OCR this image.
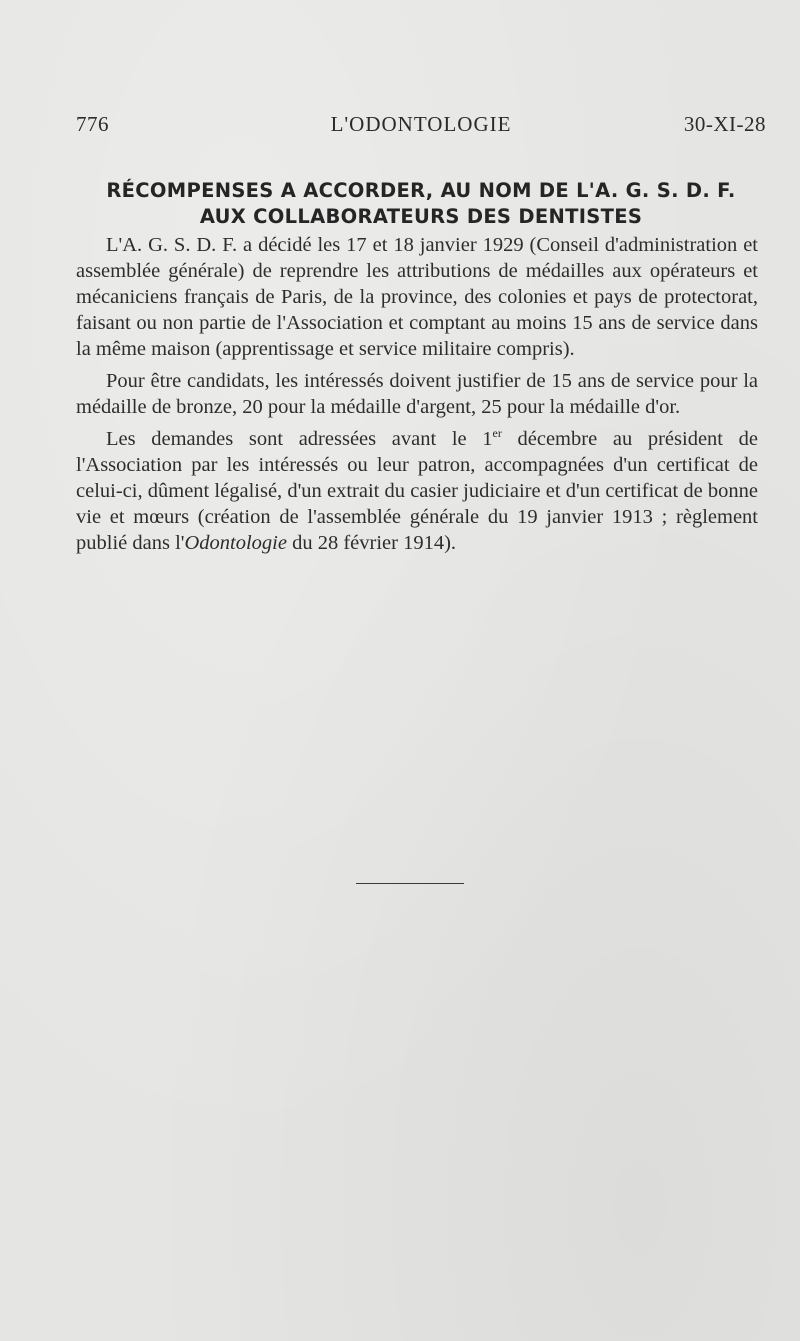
776	L'ODONTOLOGIE	30-XI-28
RÉCOMPENSES A ACCORDER, AU NOM DE L'A. G. S. D. F.
AUX COLLABORATEURS DES DENTISTES

L'A. G. S. D. F. a décidé les 17 et 18 janvier 1929 (Conseil d'administration et assemblée générale) de reprendre les attributions de médailles aux opérateurs et mécaniciens français de Paris, de la province, des colonies et pays de protectorat, faisant ou non partie de l'Association et comptant au moins 15 ans de service dans la même maison (apprentissage et service militaire compris).

Pour être candidats, les intéressés doivent justifier de 15 ans de service pour la médaille de bronze, 20 pour la médaille d'argent, 25 pour la médaille d'or.

Les demandes sont adressées avant le 1er décembre au président de l'Association par les intéressés ou leur patron, accompagnées d'un certificat de celui-ci, dûment légalisé, d'un extrait du casier judiciaire et d'un certificat de bonne vie et mœurs (création de l'assemblée générale du 19 janvier 1913 ; règlement publié dans l'Odontologie du 28 février 1914).
